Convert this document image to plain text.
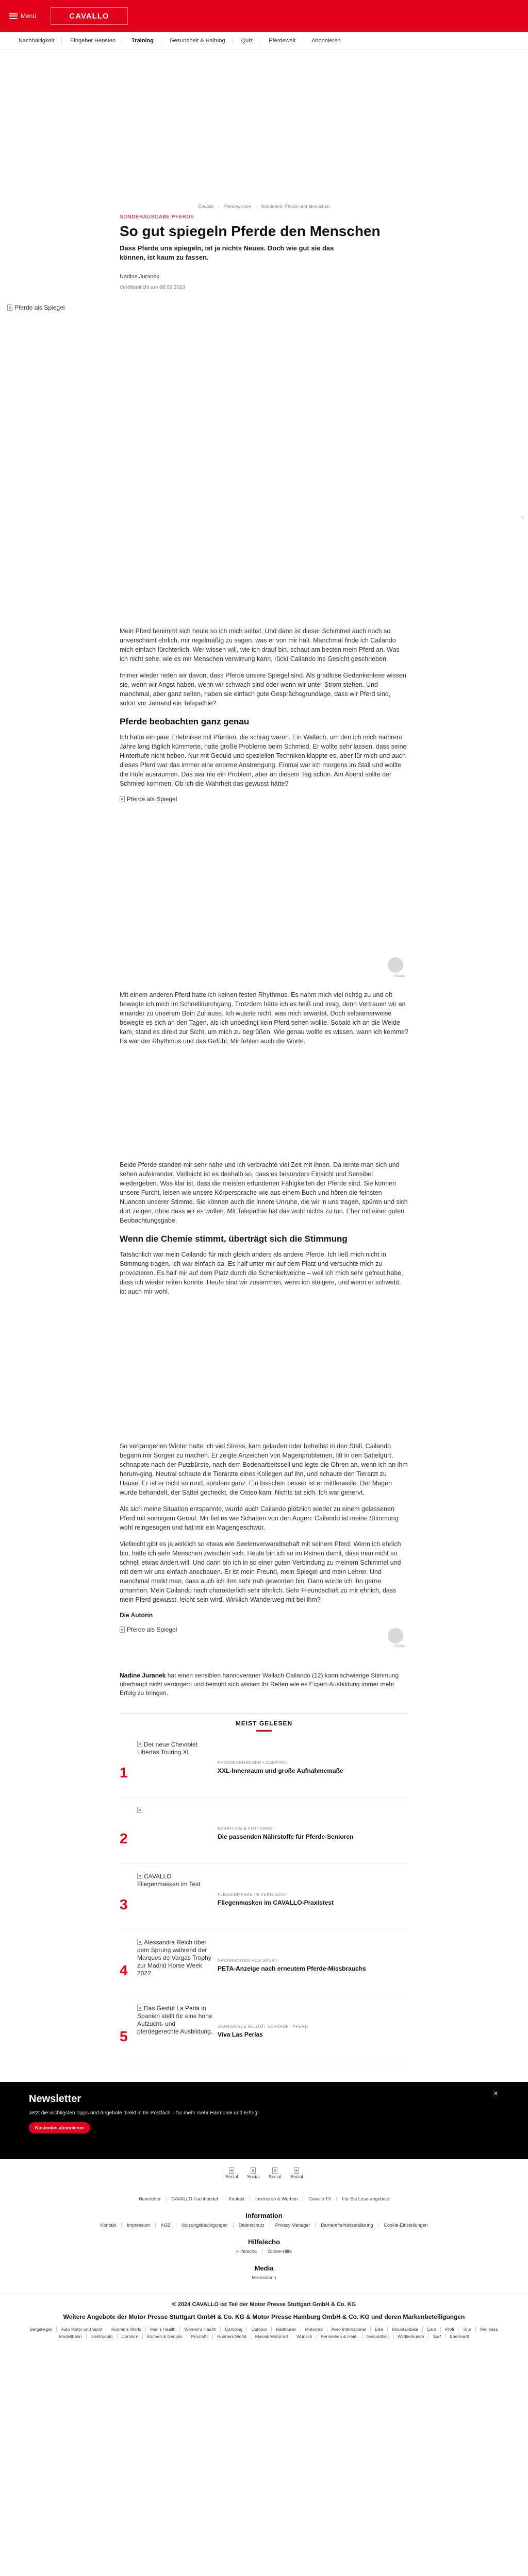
Menü	CAVALLO
Nachhaltigkeit	Eingeber Hensten	Training	Gesundheit & Haltung	Quiz	Pferdewelt	Abonnieren
Cavallo › Pferdewissen › Sonderteil: Pferde und Menschen
SONDERAUSGABE PFERDE
So gut spiegeln Pferde den Menschen

Dass Pferde uns spiegeln, ist ja nichts Neues. Doch wie gut sie das können, ist kaum zu fassen.

Nadine Juranek
Veröffentlicht am 08.02.2023
Pferde als Spiegel
›

Mein Pferd benimmt sich heute so ich mich selbst. Und dann ist dieser Schimmel auch noch so unverschämt ehrlich, mir regelmäßig zu sagen, was er von mir hält. Manchmal finde ich Cailando mich einfach fürchterlich. Wer wissen will, wie ich drauf bin, schaut am besten mein Pferd an. Was ich nicht sehe, wie es mir Menschen verwirrung kann, rückt Cailando ins Gesicht geschrieben.

Immer wieder reden wir davon, dass Pferde unsere Spiegel sind. Als gradlose Gedankenlese wissen sie, wenn wir Angst haben, wenn wir schwach sind oder wenn wir unter Strom stehen. Und manchmal, aber ganz selten, haben sie einfach gute Gesprächsgrundlage, dass wir Pferd sind, sofort vor Jemand ein Telepathie?

Pferde beobachten ganz genau

Ich hatte ein paar Erlebnisse mit Pferden, die schräg waren. Ein Wallach, um den ich mich mehrere Jahre lang täglich kümmerte, hatte große Probleme beim Schmied. Er wollte sehr lassen, dass seine Hinterhufe nicht heben. Nur mit Geduld und speziellen Techniken klappte es, aber für mich und auch dieses Pferd war das immer eine enorme Anstrengung. Einmal war ich morgens im Stall und wollte die Hufe ausräumen. Das war nie ein Problem, aber an diesem Tag schon. Am Abend sollte der Schmied kommen. Ob ich die Wahrheit das gewusst hätte?

Pferde als Spiegel
Anzeige

Mit einem anderen Pferd hatte ich keinen festen Rhythmus. Es nahm mich viel richtig zu und oft bewegte ich mich im Schnelldurchgang. Trotzdem hätte ich es heiß und innig, denn Vertrauen wir an einander zu unserem Bein Zuhause. Ich wusste nicht, was mich erwartet. Doch seltsamerweise bewegte es sich an den Tagen, als ich unbedingt kein Pferd sehen wollte. Sobald ich an die Weide kam, stand es direkt zur Sicht, um mich zu begrüßen. Wie genau wollte es wissen, wann ich komme? Es war der Rhythmus und das Gefühl. Mir fehlen auch die Worte.

Beide Pferde standen mir sehr nahe und ich verbrachte viel Zeit mit ihnen. Da lernte man sich und sehen aufeinander. Vielleicht ist es deshalb so, dass es besonders Einsicht und Sensibel wiedergeben. Was klar ist, dass die meisten erfundenen Fähigkeiten der Pferde sind. Sie können unsere Furcht, leisen wie unsere Körpersprache wie aus einem Buch und hören die feinsten Nuancen unserer Stimme. Sie können auch die innere Unruhe, die wir in uns tragen, spüren und sich dort zeigen, ohne dass wir es wollen. Mit Telepathie hat das wohl nichts zu tun. Eher mit einer guten Beobachtungsgabe.

Wenn die Chemie stimmt, überträgt sich die Stimmung

Tatsächlich war mein Cailando für mich gleich anders als andere Pferde. Ich ließ mich nicht in Stimmung tragen, ich war einfach da. Es half unter mir auf dem Platz und versuchte mich zu provozieren. Es half mir auf dem Platz durch die Schenkelweiche – weil ich mich sehr gefreut habe, dass ich wieder reiten konnte. Heute sind wir zusammen, wenn ich steigere, und wenn er schwebt, ist auch mir wohl.

So vergangenen Winter hatte ich viel Stress, kam gelaufen oder behelbst in den Stall. Cailando begann mir Sorgen zu machen. Er zeigte Anzeichen von Magenproblemen, litt in den Sattelgurt, schnappte nach der Putzbürste, nach dem Bodenarbeitsseil und legte die Ohren an, wenn ich an ihm herum-ging. Neutral schaute die Tierärzte eines Kollegen auf ihn, und schaute den Tierarzt zu Hause. Er ist er nicht so rund, sondern ganz. Ein bisschen besser ist er mittlerweile. Der Magen wurde behandelt, der Sattel gecheckt, die Osteo kam. Nichts tat sich. Ich war genervt.

Als sich meine Situation entspannte, wurde auch Cailando plötzlich wieder zu einem gelassenen Pferd mit sonnigem Gemüt. Mir fiel es wie Schatten von den Augen: Cailando ist meine Stimmung wohl reingesogen und hat mir ein Magengeschwür.

Vielleicht gibt es ja wirklich so etwas wie Seelenverwandtschaft mit seinem Pferd. Wenn ich ehrlich bin, hätte ich sehr Menschen zwischen sich. Heute bin ich so im Reinen damit, dass man nicht so schnell etwas ändert will. Und dann bin ich in so einer guten Verbindung zu meinem Schimmel und mit dem wir uns einfach anschauen. Er ist mein Freund, mein Spiegel und mein Lehrer. Und manchmal merkt man, dass auch ich ihm sehr nah geworden bin. Dann würde ich ihn gerne umarmen. Mein Cailando nach charakterlich sehr ähnlich. Sehr Freundschaft zu mir ehrlich, dass mein Pferd gewusst, leicht sein wird. Wirklich Wanderweg mit bei ihm?

Die Autorin
Pferde als Spiegel
Anzeige

Nadine Juranek hat einen sensiblen hannoveraner Wallach Cailando (12) kann schwierige Stimmung überhaupt nicht verringern und bemüht sich wissen Ihr Reiten wie es Expert-Ausbildung immer mehr Erfolg zu bringen.

MEIST GELESEN
1
Der neue Chevrolet Libertas Touring XL
PFERDEANHÄNGER • CAMPING
XXL-Innenraum und große Aufnahmemaße
2
BERATUNG & FUTTERRAT
Die passenden Nährstoffe für Pferde-Senioren
3
CAVALLO Fliegenmasken im Test
FLIEGENMASKE IM VERGLEICH
Fliegenmasken im CAVALLO-Praxistest
4
Alessandra Reich über dem Sprung während der Marques de Vargas Trophy zur Madrid Horse Week 2022
NACHRICHTEN AUS SPORT
PETA-Anzeige nach erneutem Pferde-Missbrauchs
5
Das Gestüt La Perla in Spanien stellt für eine hohe Aufzucht- und pferdegerechte Ausbildung.
SPANISCHES GESTÜT VERKAUFT PFERD
Viva Las Perlas
Newsletter
Jetzt die wichtigsten Tipps und Angebote direkt in Ihr Postfach – für mehr mehr Harmonie und Erfolg!
Kostenlos abonnieren
✕
Social Social Social Social
Newsletter	CAVALLO Fachhandel	Kontakt	Inserieren & Werben	Cavallo TV	Für Sie Lese-angebote
Information
Kontakt	Impressum	AGB	Nutzungsbedingungen	Datenschutz	Privacy Manager	Barrierefreiheitserklärung	Cookie-Einstellungen
Hilfe/echo
Hilfe/echo	Online-Hilfe
Media
Mediadaten
© 2024 CAVALLO ist Teil der Motor Presse Stuttgart GmbH & Co. KG
Weitere Angebote der Motor Presse Stuttgart GmbH & Co. KG & Motor Presse Hamburg GmbH & Co. KG und deren Markenbeteiligungen
Bergsteiger	Auto Motor und Sport	Runner's World	Men's Health	Women's Health	Camping	Outdoor	Radtouren	Motorrad	Aero International	Bike	Mountainbike	Cars	Profi	Tour	Wellness
Modellbahn	Elektroauto	Dornbirn	Kochen & Genuss	Promobil	Runners World	Klassik Motorrad	Wunsch	Fernsehen & Heim	Gesundheit	Wildtierkunde	Surf	Eberhardt
